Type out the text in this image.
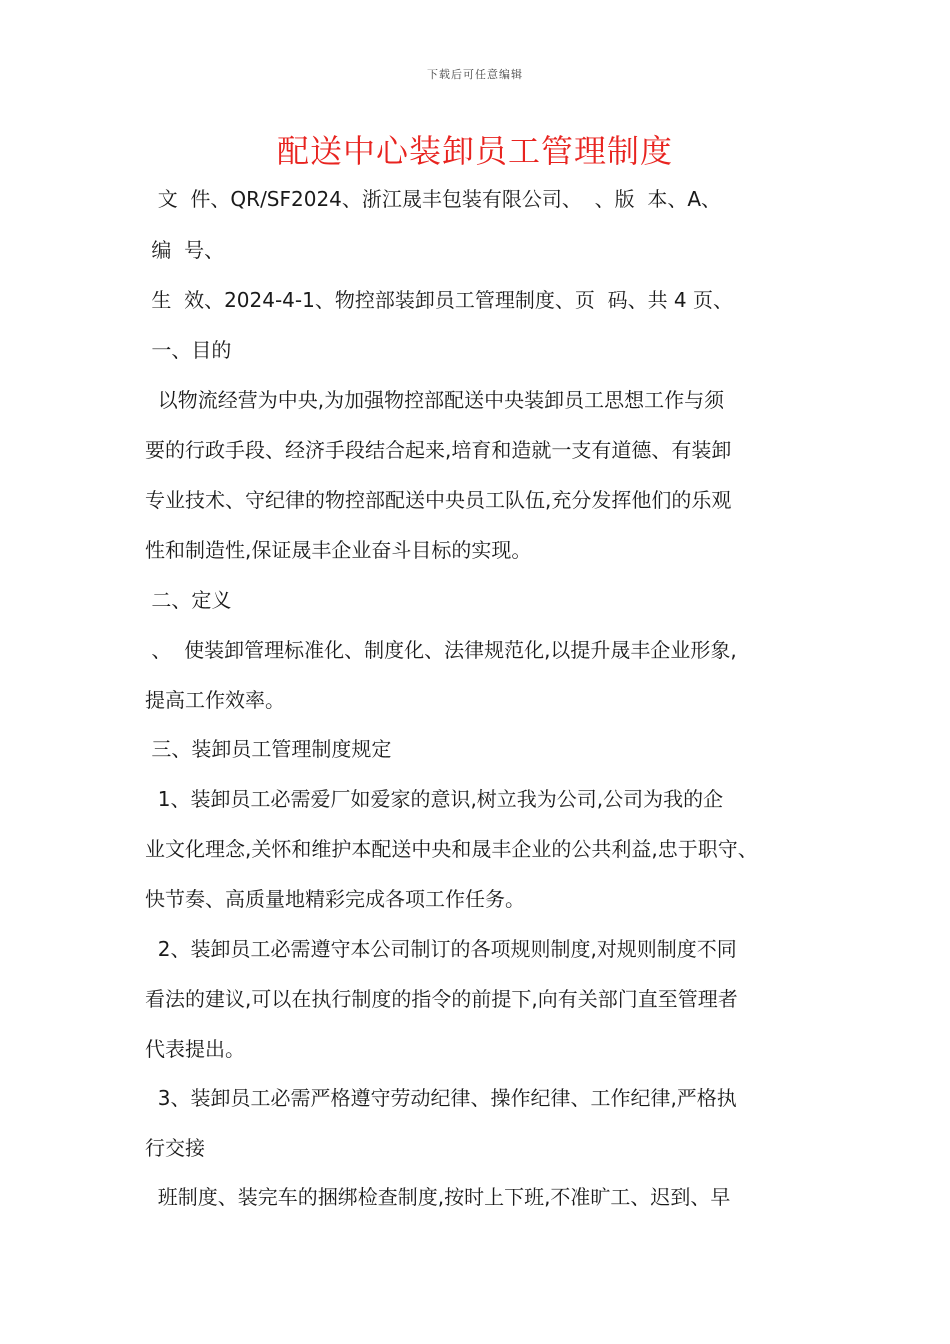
下载后可任意编辑
配送中心装卸员工管理制度
文  件、QR/SF2024、浙江晟丰包装有限公司、  、版  本、A、
编  号、
生  效、2024-4-1、物控部装卸员工管理制度、页  码、共 4 页、
一、目的
以物流经营为中央,为加强物控部配送中央装卸员工思想工作与须
要的行政手段、经济手段结合起来,培育和造就一支有道德、有装卸
专业技术、守纪律的物控部配送中央员工队伍,充分发挥他们的乐观
性和制造性,保证晟丰企业奋斗目标的实现。
二、定义
、  使装卸管理标准化、制度化、法律规范化,以提升晟丰企业形象,
提高工作效率。
三、装卸员工管理制度规定
1、装卸员工必需爱厂如爱家的意识,树立我为公司,公司为我的企
业文化理念,关怀和维护本配送中央和晟丰企业的公共利益,忠于职守、
快节奏、高质量地精彩完成各项工作任务。
2、装卸员工必需遵守本公司制订的各项规则制度,对规则制度不同
看法的建议,可以在执行制度的指令的前提下,向有关部门直至管理者
代表提出。
3、装卸员工必需严格遵守劳动纪律、操作纪律、工作纪律,严格执
行交接
班制度、装完车的捆绑检查制度,按时上下班,不准旷工、迟到、早
